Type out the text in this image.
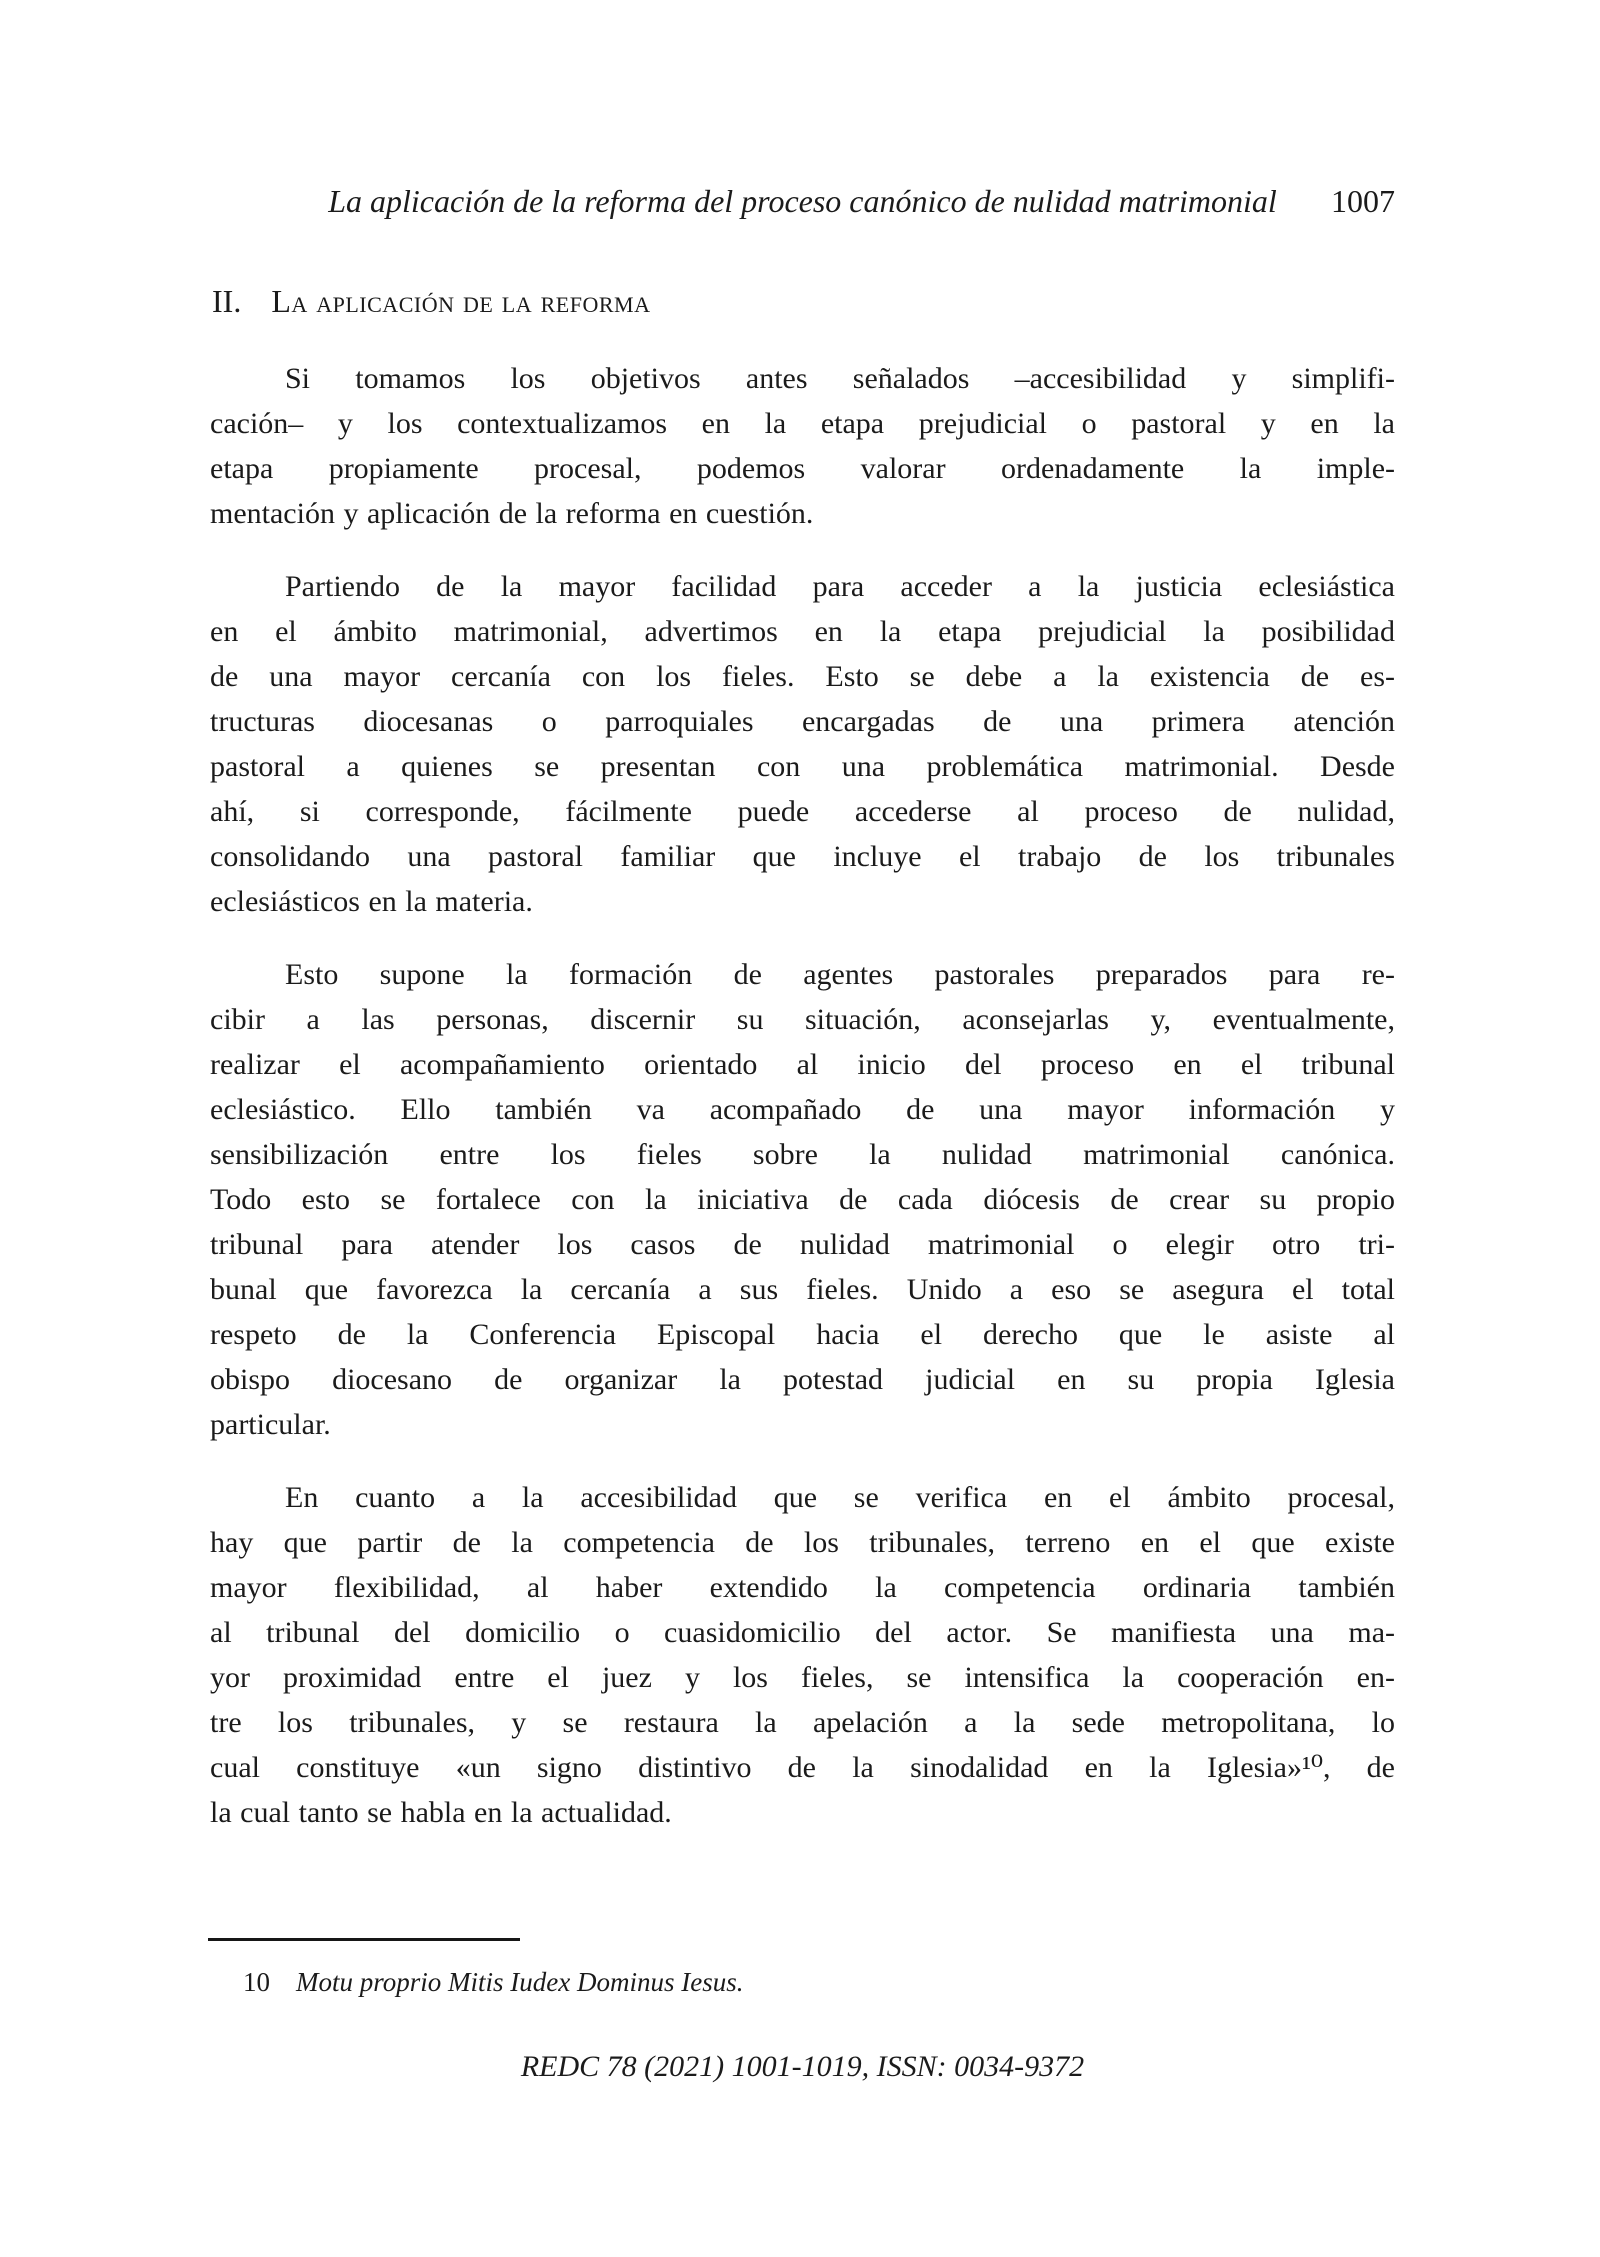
La aplicación de la reforma del proceso canónico de nulidad matrimonial 1007
II. La aplicación de la reforma
Si tomamos los objetivos antes señalados –accesibilidad y simplifi-
cación– y los contextualizamos en la etapa prejudicial o pastoral y en la
etapa propiamente procesal, podemos valorar ordenadamente la imple-
mentación y aplicación de la reforma en cuestión.
Partiendo de la mayor facilidad para acceder a la justicia eclesiástica
en el ámbito matrimonial, advertimos en la etapa prejudicial la posibilidad
de una mayor cercanía con los fieles. Esto se debe a la existencia de es-
tructuras diocesanas o parroquiales encargadas de una primera atención
pastoral a quienes se presentan con una problemática matrimonial. Desde
ahí, si corresponde, fácilmente puede accederse al proceso de nulidad,
consolidando una pastoral familiar que incluye el trabajo de los tribunales
eclesiásticos en la materia.
Esto supone la formación de agentes pastorales preparados para re-
cibir a las personas, discernir su situación, aconsejarlas y, eventualmente,
realizar el acompañamiento orientado al inicio del proceso en el tribunal
eclesiástico. Ello también va acompañado de una mayor información y
sensibilización entre los fieles sobre la nulidad matrimonial canónica.
Todo esto se fortalece con la iniciativa de cada diócesis de crear su propio
tribunal para atender los casos de nulidad matrimonial o elegir otro tri-
bunal que favorezca la cercanía a sus fieles. Unido a eso se asegura el total
respeto de la Conferencia Episcopal hacia el derecho que le asiste al
obispo diocesano de organizar la potestad judicial en su propia Iglesia
particular.
En cuanto a la accesibilidad que se verifica en el ámbito procesal,
hay que partir de la competencia de los tribunales, terreno en el que existe
mayor flexibilidad, al haber extendido la competencia ordinaria también
al tribunal del domicilio o cuasidomicilio del actor. Se manifiesta una ma-
yor proximidad entre el juez y los fieles, se intensifica la cooperación en-
tre los tribunales, y se restaura la apelación a la sede metropolitana, lo
cual constituye «un signo distintivo de la sinodalidad en la Iglesia»¹⁰, de
la cual tanto se habla en la actualidad.
10 Motu proprio Mitis Iudex Dominus Iesus.
REDC 78 (2021) 1001-1019, ISSN: 0034-9372
